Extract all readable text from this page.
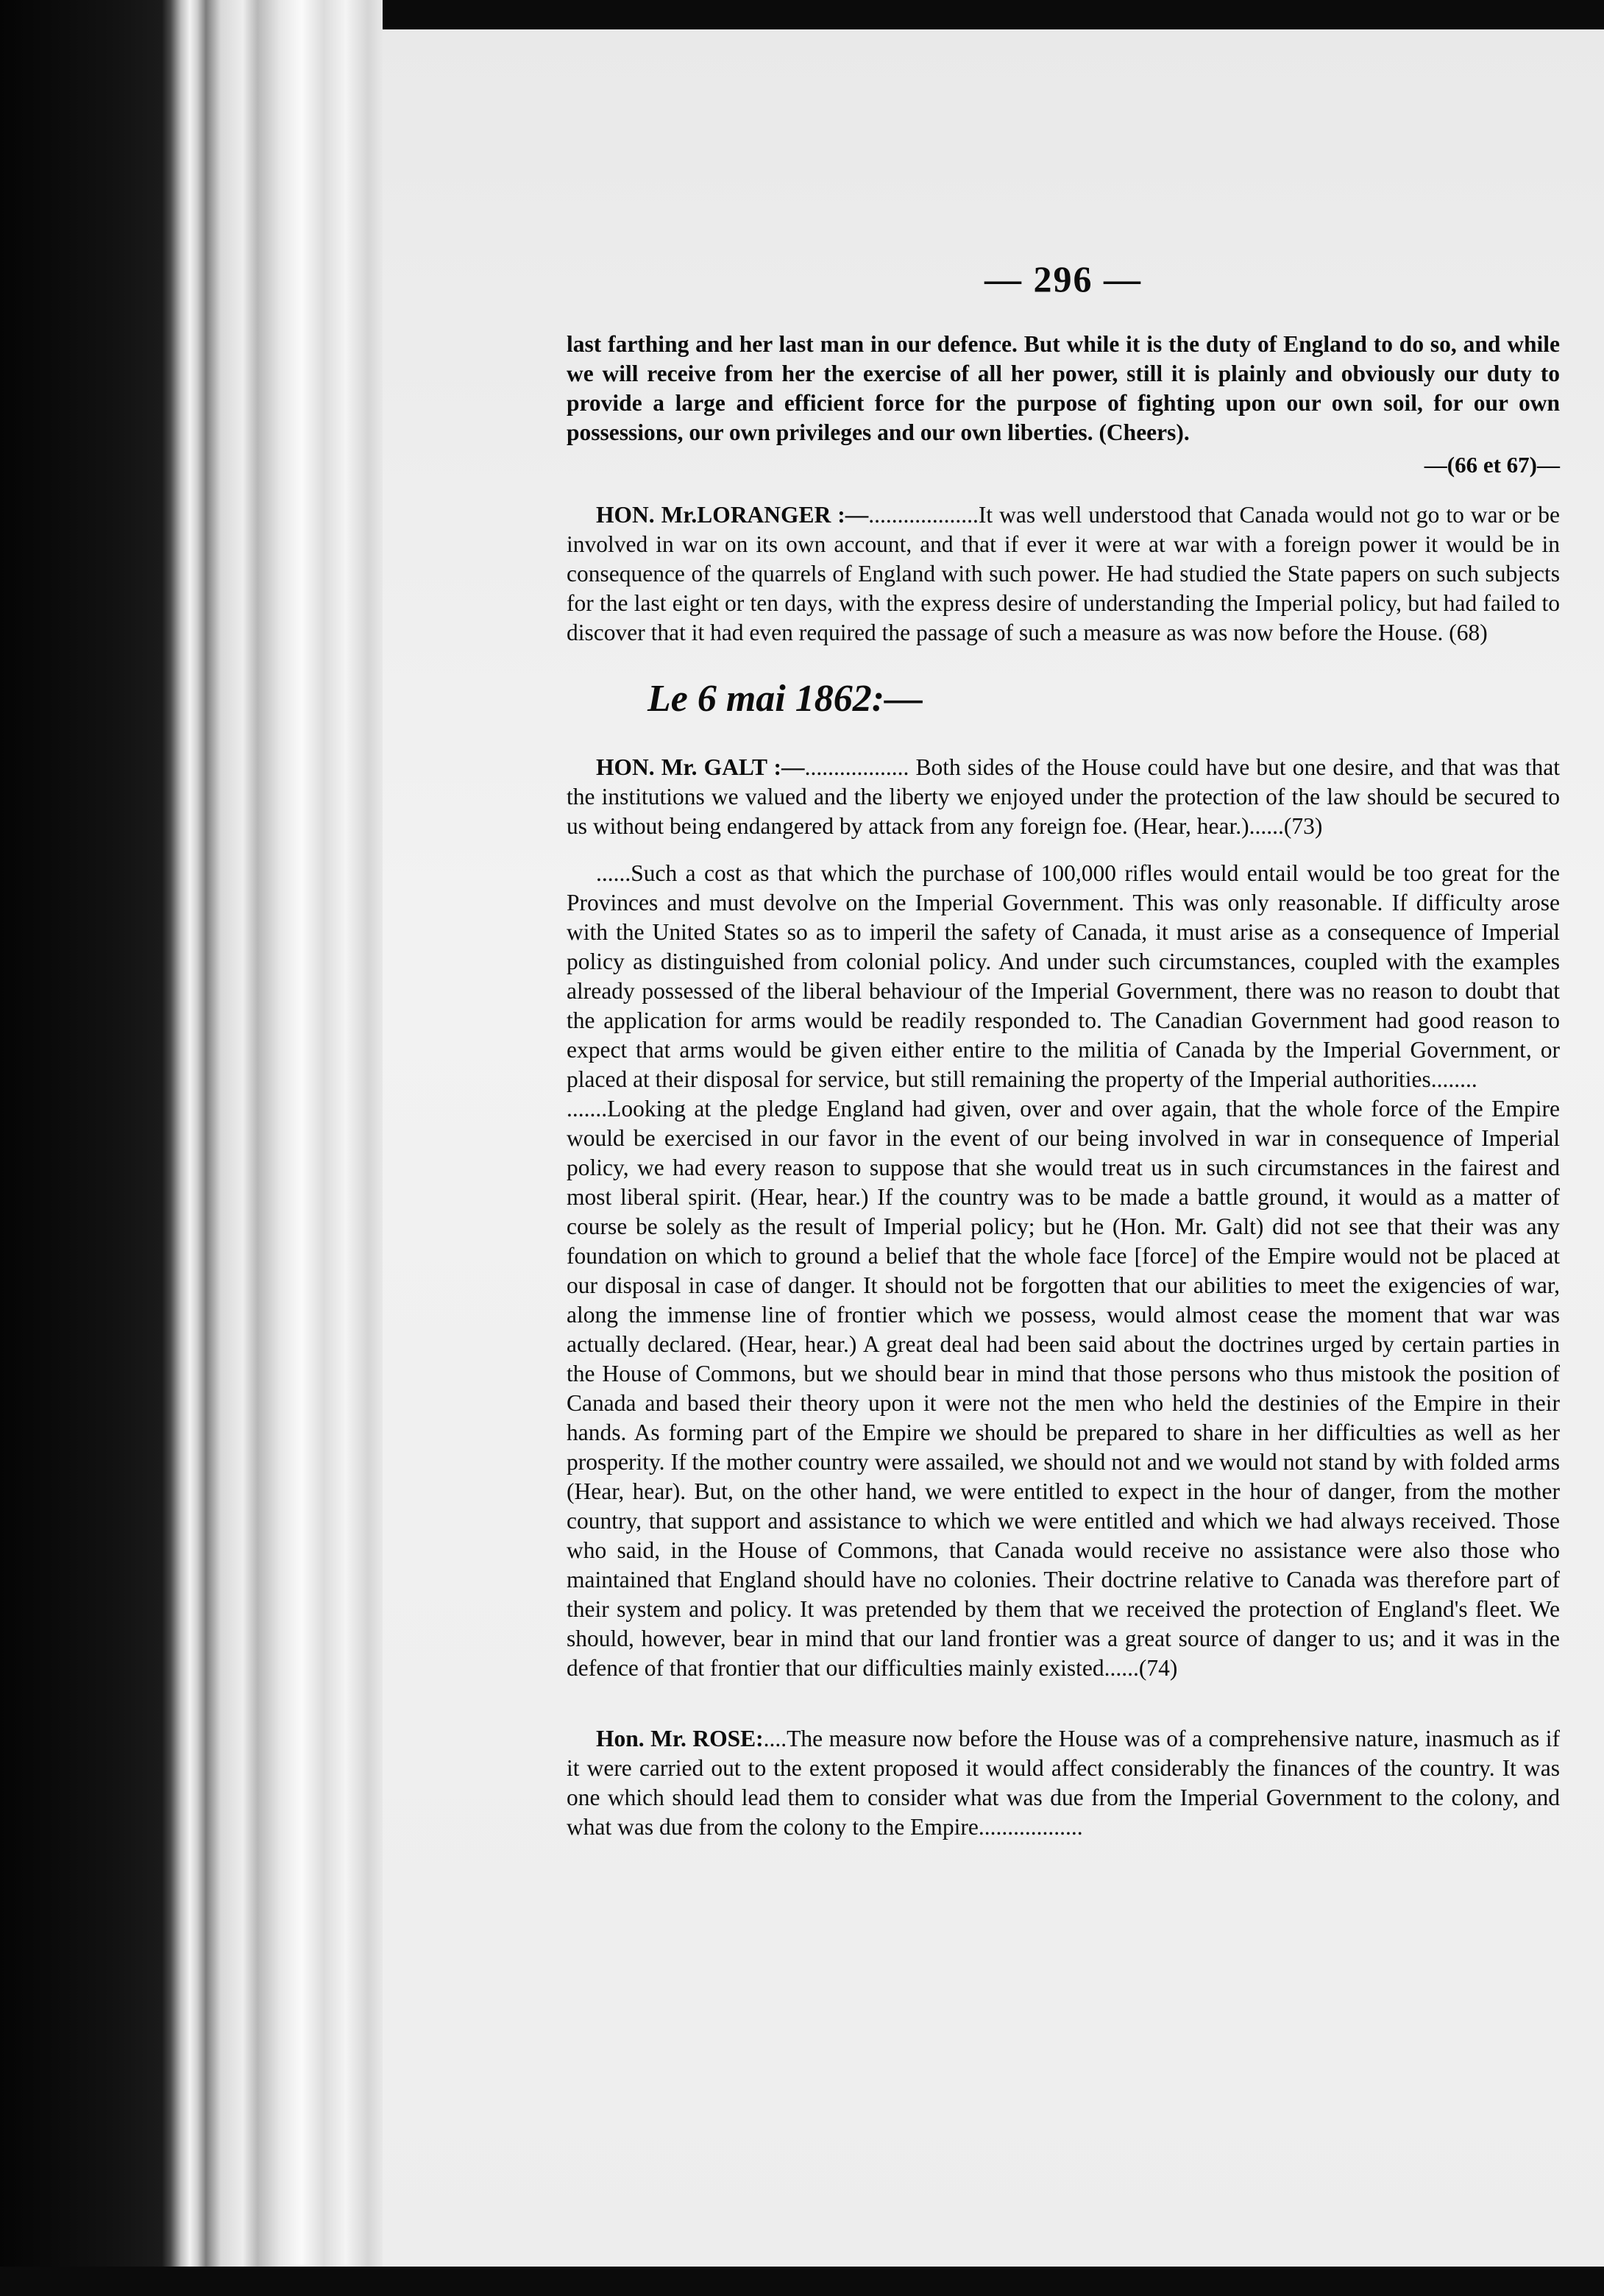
— 296 —

last farthing and her last man in our defence. But while it is the duty of England to do so, and while we will receive from her the exercise of all her power, still it is plainly and obviously our duty to provide a large and efficient force for the purpose of fighting upon our own soil, for our own possessions, our own privileges and our own liberties. (Cheers).

—(66 et 67)—

HON. Mr.LORANGER :—...................It was well understood that Canada would not go to war or be involved in war on its own account, and that if ever it were at war with a foreign power it would be in consequence of the quarrels of England with such power. He had studied the State papers on such subjects for the last eight or ten days, with the express desire of understanding the Imperial policy, but had failed to discover that it had even required the passage of such a measure as was now before the House. (68)

Le 6 mai 1862:—

HON. Mr. GALT :—.................. Both sides of the House could have but one desire, and that was that the institutions we valued and the liberty we enjoyed under the protection of the law should be secured to us without being endangered by attack from any foreign foe. (Hear, hear.)......(73)

......Such a cost as that which the purchase of 100,000 rifles would entail would be too great for the Provinces and must devolve on the Imperial Government. This was only reasonable. If difficulty arose with the United States so as to imperil the safety of Canada, it must arise as a consequence of Imperial policy as distinguished from colonial policy. And under such circumstances, coupled with the examples already possessed of the liberal behaviour of the Imperial Government, there was no reason to doubt that the application for arms would be readily responded to. The Canadian Government had good reason to expect that arms would be given either entire to the militia of Canada by the Imperial Government, or placed at their disposal for service, but still remaining the property of the Imperial authorities........

.......Looking at the pledge England had given, over and over again, that the whole force of the Empire would be exercised in our favor in the event of our being involved in war in consequence of Imperial policy, we had every reason to suppose that she would treat us in such circumstances in the fairest and most liberal spirit. (Hear, hear.) If the country was to be made a battle ground, it would as a matter of course be solely as the result of Imperial policy; but he (Hon. Mr. Galt) did not see that their was any foundation on which to ground a belief that the whole face [force] of the Empire would not be placed at our disposal in case of danger. It should not be forgotten that our abilities to meet the exigencies of war, along the immense line of frontier which we possess, would almost cease the moment that war was actually declared. (Hear, hear.) A great deal had been said about the doctrines urged by certain parties in the House of Commons, but we should bear in mind that those persons who thus mistook the position of Canada and based their theory upon it were not the men who held the destinies of the Empire in their hands. As forming part of the Empire we should be prepared to share in her difficulties as well as her prosperity. If the mother country were assailed, we should not and we would not stand by with folded arms (Hear, hear). But, on the other hand, we were entitled to expect in the hour of danger, from the mother country, that support and assistance to which we were entitled and which we had always received. Those who said, in the House of Commons, that Canada would receive no assistance were also those who maintained that England should have no colonies. Their doctrine relative to Canada was therefore part of their system and policy. It was pretended by them that we received the protection of England's fleet. We should, however, bear in mind that our land frontier was a great source of danger to us; and it was in the defence of that frontier that our difficulties mainly existed......(74)

Hon. Mr. ROSE:....The measure now before the House was of a comprehensive nature, inasmuch as if it were carried out to the extent proposed it would affect considerably the finances of the country. It was one which should lead them to consider what was due from the Imperial Government to the colony, and what was due from the colony to the Empire..................
